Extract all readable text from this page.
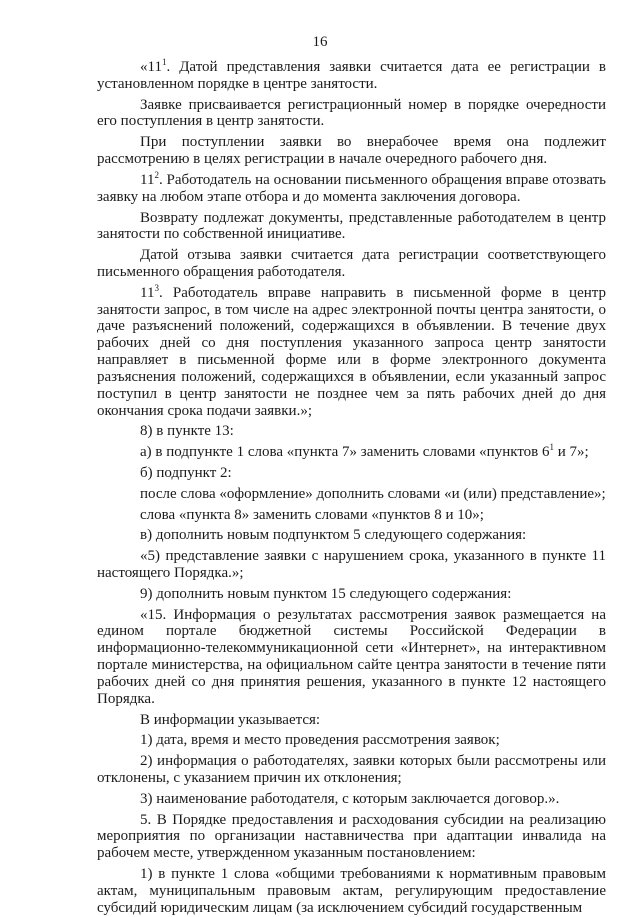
16

«$11^1$. Датой представления заявки считается дата ее регистрации в установленном порядке в центре занятости.

Заявке присваивается регистрационный номер в порядке очередности его поступления в центр занятости.

При поступлении заявки во внерабочее время она подлежит рассмотрению в целях регистрации в начале очередного рабочего дня.

$11^2$. Работодатель на основании письменного обращения вправе отозвать заявку на любом этапе отбора и до момента заключения договора.

Возврату подлежат документы, представленные работодателем в центр занятости по собственной инициативе.

Датой отзыва заявки считается дата регистрации соответствующего письменного обращения работодателя.

$11^3$. Работодатель вправе направить в письменной форме в центр занятости запрос, в том числе на адрес электронной почты центра занятости, о даче разъяснений положений, содержащихся в объявлении. В течение двух рабочих дней со дня поступления указанного запроса центр занятости направляет в письменной форме или в форме электронного документа разъяснения положений, содержащихся в объявлении, если указанный запрос поступил в центр занятости не позднее чем за пять рабочих дней до дня окончания срока подачи заявки.»;

8) в пункте 13:

а) в подпункте 1 слова «пункта 7» заменить словами «пунктов $6^1$ и 7»;

б) подпункт 2:

после слова «оформление» дополнить словами «и (или) представление»;

слова «пункта 8» заменить словами «пунктов 8 и 10»;

в) дополнить новым подпунктом 5 следующего содержания:

«5) представление заявки с нарушением срока, указанного в пункте 11 настоящего Порядка.»;

9) дополнить новым пунктом 15 следующего содержания:

«15. Информация о результатах рассмотрения заявок размещается на едином портале бюджетной системы Российской Федерации в информационно-телекоммуникационной сети «Интернет», на интерактивном портале министерства, на официальном сайте центра занятости в течение пяти рабочих дней со дня принятия решения, указанного в пункте 12 настоящего Порядка.

В информации указывается:

1) дата, время и место проведения рассмотрения заявок;

2) информация о работодателях, заявки которых были рассмотрены или отклонены, с указанием причин их отклонения;

3) наименование работодателя, с которым заключается договор.».

5. В Порядке предоставления и расходования субсидии на реализацию мероприятия по организации наставничества при адаптации инвалида на рабочем месте, утвержденном указанным постановлением:

1) в пункте 1 слова «общими требованиями к нормативным правовым актам, муниципальным правовым актам, регулирующим предоставление субсидий юридическим лицам (за исключением субсидий государственным
